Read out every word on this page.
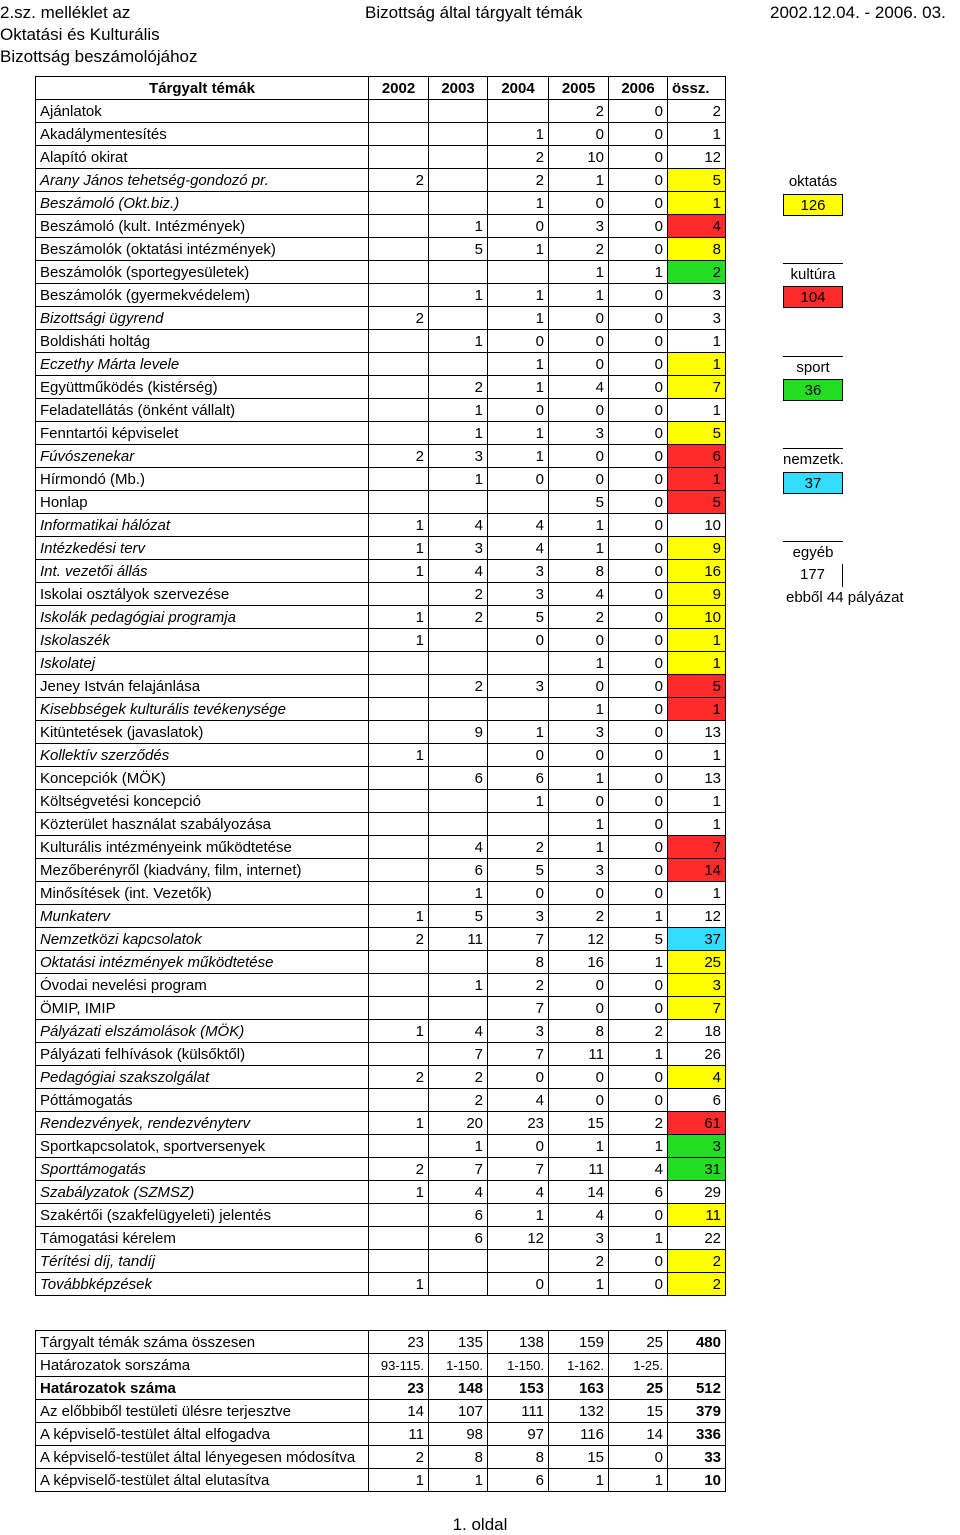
2.sz. melléklet az
Oktatási és Kulturális
Bizottság beszámolójához
Bizottság által tárgyalt témák	2002.12.04. - 2006. 03.
Tárgyalt témák	2002	2003	2004	2005	2006	össz.
Ajánlatok				2	0	2
Akadálymentesítés			1	0	0	1
Alapító okirat			2	10	0	12
Arany János tehetség-gondozó pr.	2		2	1	0	5
Beszámoló (Okt.biz.)			1	0	0	1
Beszámoló (kult. Intézmények)		1	0	3	0	4
Beszámolók (oktatási intézmények)		5	1	2	0	8
Beszámolók (sportegyesületek)				1	1	2
Beszámolók (gyermekvédelem)		1	1	1	0	3
Bizottsági ügyrend	2		1	0	0	3
Boldisháti holtág		1	0	0	0	1
Eczethy Márta levele			1	0	0	1
Együttműködés (kistérség)		2	1	4	0	7
Feladatellátás (önként vállalt)		1	0	0	0	1
Fenntartói képviselet		1	1	3	0	5
Fúvószenekar	2	3	1	0	0	6
Hírmondó (Mb.)		1	0	0	0	1
Honlap				5	0	5
Informatikai hálózat	1	4	4	1	0	10
Intézkedési terv	1	3	4	1	0	9
Int. vezetői állás	1	4	3	8	0	16
Iskolai osztályok szervezése		2	3	4	0	9
Iskolák pedagógiai programja	1	2	5	2	0	10
Iskolaszék	1		0	0	0	1
Iskolatej				1	0	1
Jeney István felajánlása		2	3	0	0	5
Kisebbségek kulturális tevékenysége				1	0	1
Kitüntetések (javaslatok)		9	1	3	0	13
Kollektív szerződés	1		0	0	0	1
Koncepciók (MÖK)		6	6	1	0	13
Költségvetési koncepció			1	0	0	1
Közterület használat szabályozása				1	0	1
Kulturális intézményeink működtetése		4	2	1	0	7
Mezőberényről (kiadvány, film, internet)		6	5	3	0	14
Minősítések (int. Vezetők)		1	0	0	0	1
Munkaterv	1	5	3	2	1	12
Nemzetközi kapcsolatok	2	11	7	12	5	37
Oktatási intézmények működtetése			8	16	1	25
Óvodai nevelési program		1	2	0	0	3
ÖMIP, IMIP			7	0	0	7
Pályázati elszámolások (MÖK)	1	4	3	8	2	18
Pályázati felhívások (külsőktől)		7	7	11	1	26
Pedagógiai szakszolgálat	2	2	0	0	0	4
Póttámogatás		2	4	0	0	6
Rendezvények, rendezvényterv	1	20	23	15	2	61
Sportkapcsolatok, sportversenyek		1	0	1	1	3
Sporttámogatás	2	7	7	11	4	31
Szabályzatok (SZMSZ)	1	4	4	14	6	29
Szakértői (szakfelügyeleti) jelentés		6	1	4	0	11
Támogatási kérelem		6	12	3	1	22
Térítési díj, tandíj				2	0	2
Továbbképzések	1		0	1	0	2
Tárgyalt témák száma összesen	23	135	138	159	25	480
Határozatok sorszáma	93-115.	1-150.	1-150.	1-162.	1-25.	
Határozatok száma	23	148	153	163	25	512
Az előbbiből testületi ülésre terjesztve	14	107	111	132	15	379
A képviselő-testület által elfogadva	11	98	97	116	14	336
A képviselő-testület által lényegesen módosítva	2	8	8	15	0	33
A képviselő-testület által elutasítva	1	1	6	1	1	10
oktatás
126
kultúra
104
sport
36
nemzetk.
37
egyéb
177
ebből 44 pályázat
1. oldal
